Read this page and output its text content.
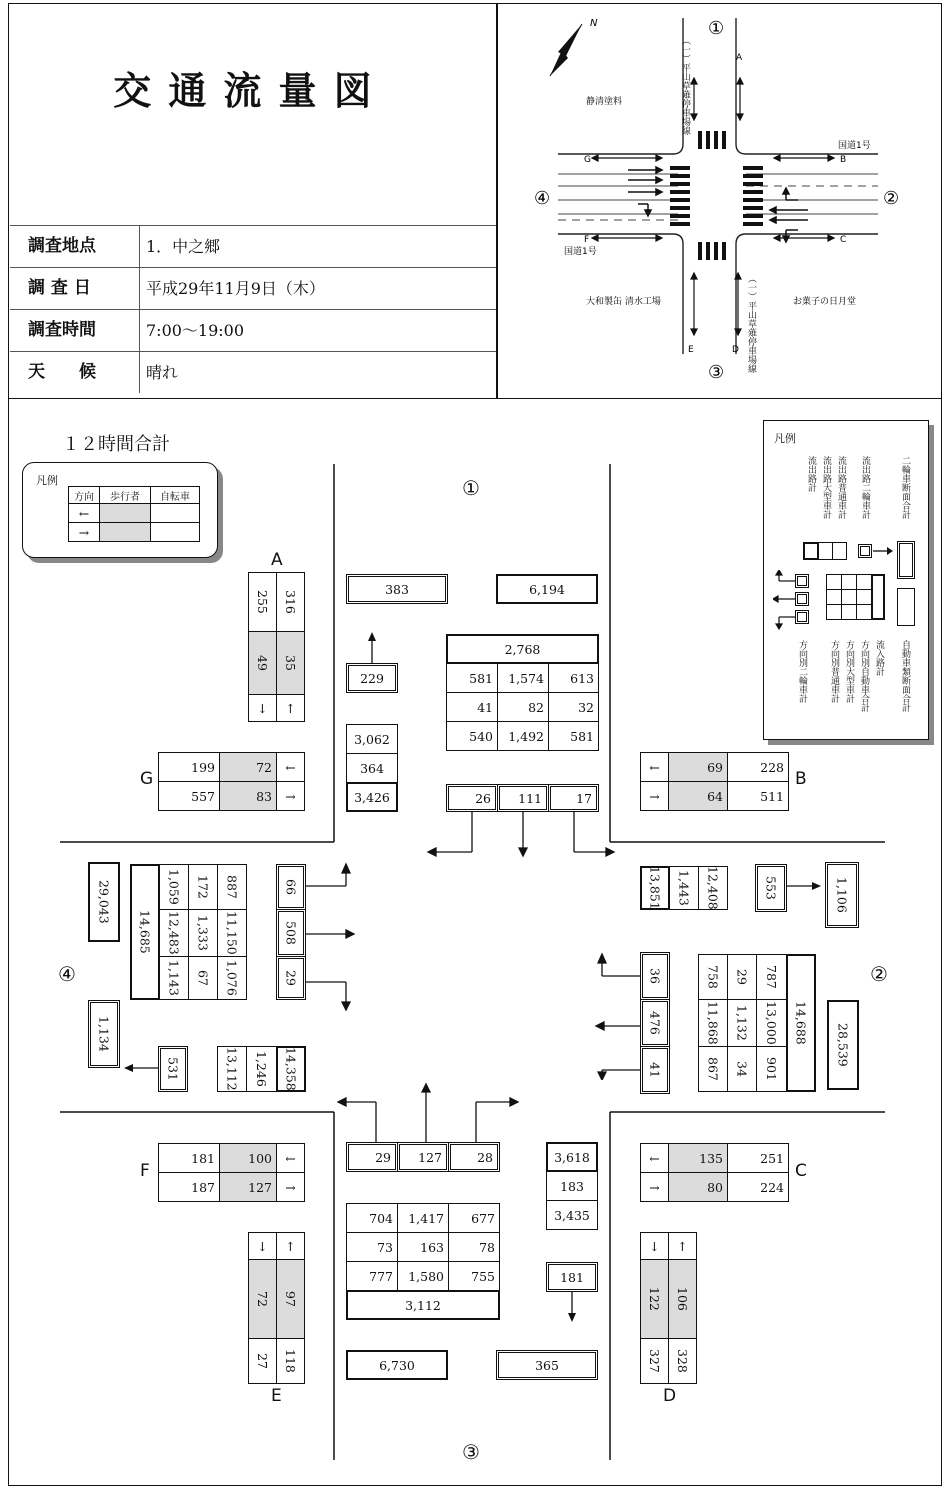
交通流量図
調査地点	1．中之郷
調 査 日	平成29年11月9日（木）
調査時間	7:00〜19:00
天　　候	晴れ
N	①
②
③
④
国道1号
国道1号
静清塗料
大和製缶 清水工場	お菓子の日月堂
A
B
C
D
E
F
G
（一）平山草薙停車場線
（一）平山草薙停車場線
１２時間合計
①
②
③
④
凡例
方向	歩行者	自転車
←
→
凡例
流出路計 流出路大型車計 流出路普通車計 流出路二輪車計	二輪車断面合計
方向別二輪車計 方向別普通車計 方向別大型車計 方向別自動車合計 流入路計 自動車類断面合計
A
255 316
49 35
↓	↑
G
199	72	←
557	83	→
←	69	228
→	64	511
B
F
181	100	←
187	127	→
←	135	251
→	80	224
C
↓	↑
72 97
27 118
E
↓	↑
122 106
327 328
D
383	6,194
2,768
581	1,574	613
41	82	32
540	1,492	581
229
3,062
364
3,426	26	111	17
13,851 1,443 12,408	553	1,106
36
476
41
758 29 787
11,868 1,132 13,000
867 34 901
14,688
28,539
29,043
14,685
1,059 172 887
12,483 1,333 11,150
1,143 67 1,076
66
508
29
1,134
531	13,112 1,246 14,358
29	127	28	3,618
183
3,435
704	1,417	677
73	163	78
777	1,580	755
3,112
181
6,730	365
